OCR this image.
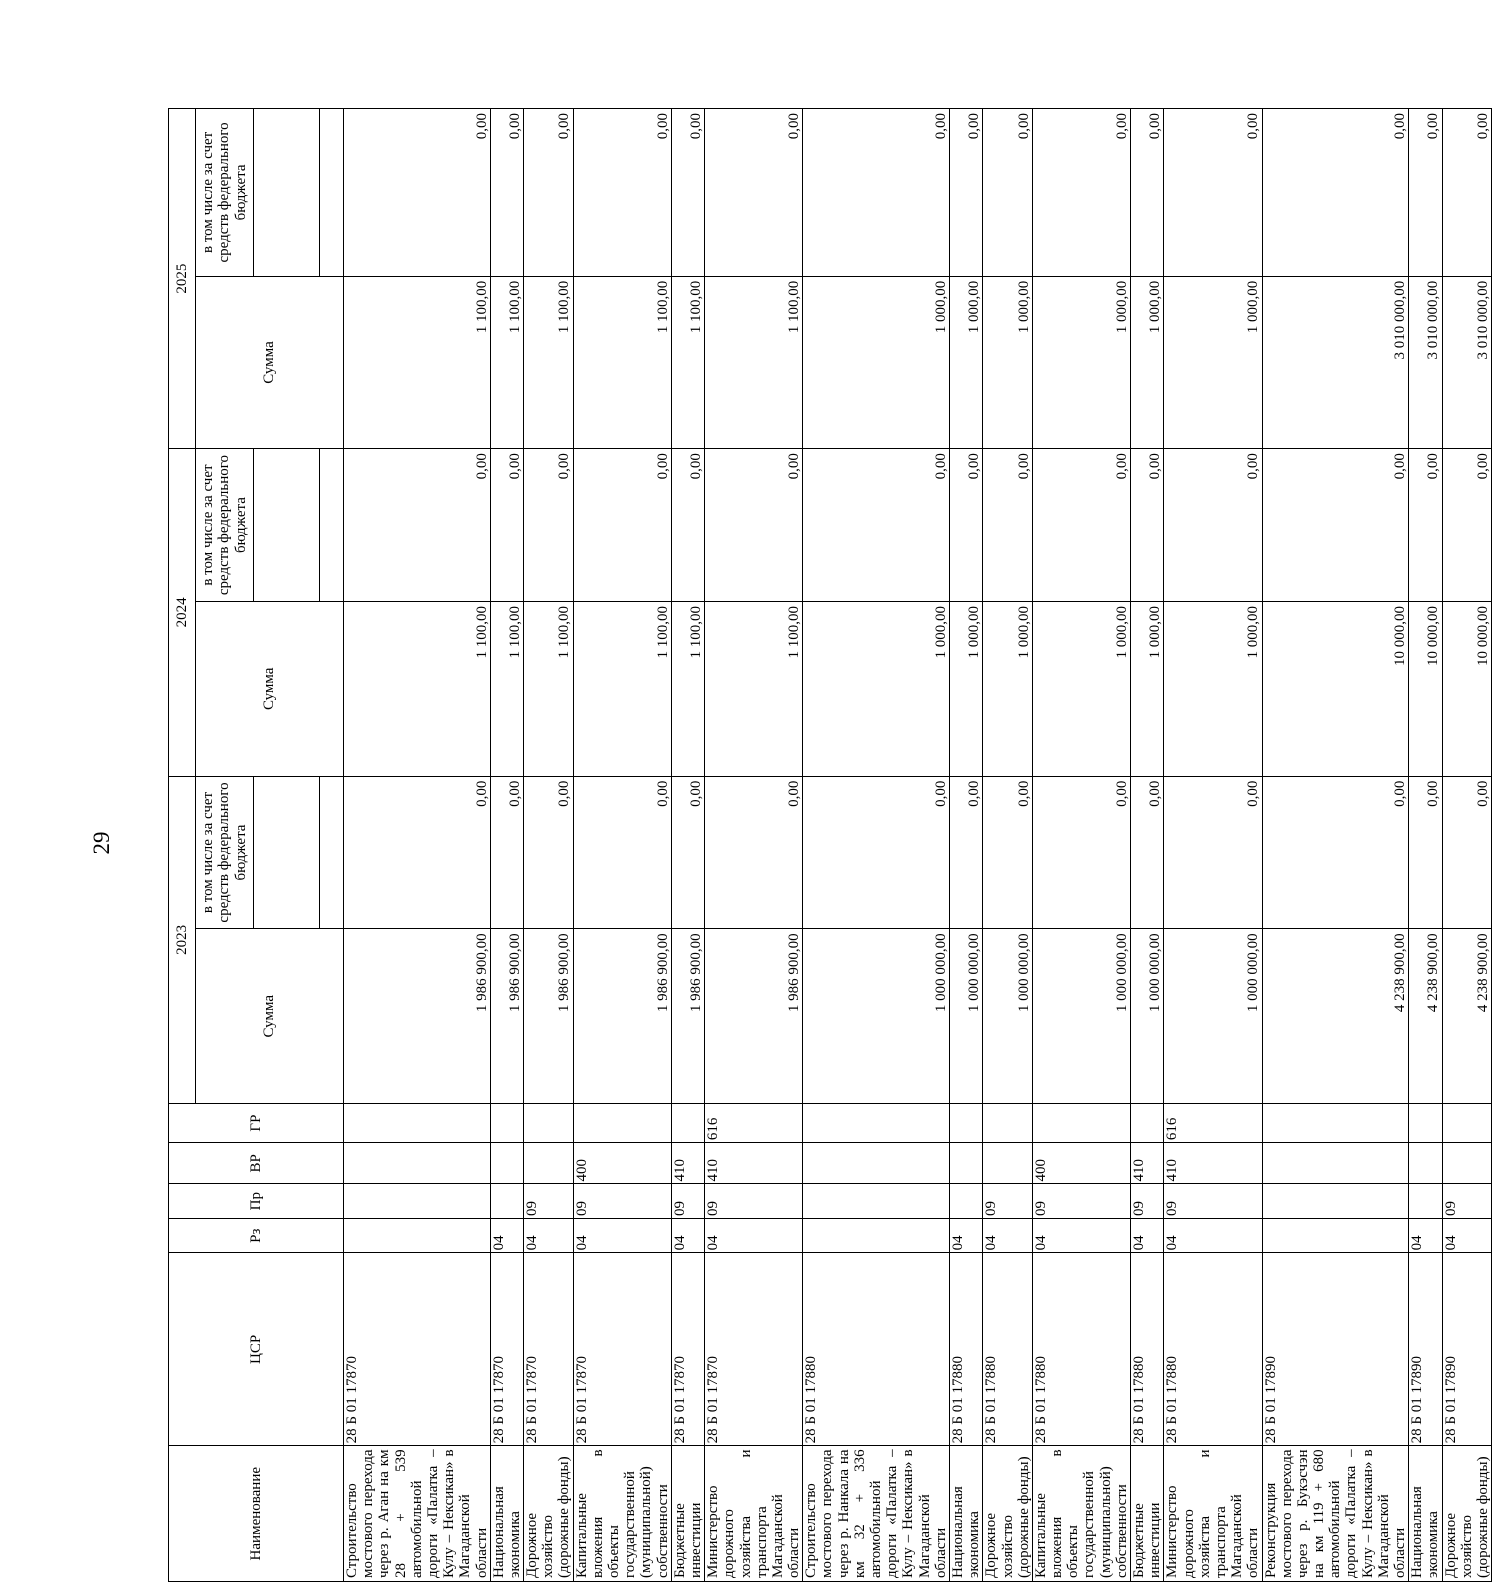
29
Наименование	ЦСР	Рз	Пр	ВР	ГР	2023		2024		2025	
						Сумма	в том числе за счет средств федерального бюджета	Сумма	в том числе за счет средств федерального бюджета	Сумма	в том числе за счет средств федерального бюджета

Строительство мостового перехода через р. Аган на км 28 + 539 автомобильной дороги «Палатка – Кулу – Нексикан» в Магаданской области	28 Б 01 17870					1 986 900,00	0,00	1 100,00	0,00	1 100,00	0,00
Национальная экономика	28 Б 01 17870	04				1 986 900,00	0,00	1 100,00	0,00	1 100,00	0,00
Дорожное хозяйство (дорожные фонды)	28 Б 01 17870	04	09			1 986 900,00	0,00	1 100,00	0,00	1 100,00	0,00
Капитальные вложения в объекты государственной (муниципальной) собственности	28 Б 01 17870	04	09	400		1 986 900,00	0,00	1 100,00	0,00	1 100,00	0,00
Бюджетные инвестиции	28 Б 01 17870	04	09	410		1 986 900,00	0,00	1 100,00	0,00	1 100,00	0,00
Министерство дорожного хозяйства и транспорта Магаданской области	28 Б 01 17870	04	09	410	616	1 986 900,00	0,00	1 100,00	0,00	1 100,00	0,00
Строительство мостового перехода через р. Нанкала на км 32 + 336 автомобильной дороги «Палатка – Кулу – Нексикан» в Магаданской области	28 Б 01 17880					1 000 000,00	0,00	1 000,00	0,00	1 000,00	0,00
Национальная экономика	28 Б 01 17880	04				1 000 000,00	0,00	1 000,00	0,00	1 000,00	0,00
Дорожное хозяйство (дорожные фонды)	28 Б 01 17880	04	09			1 000 000,00	0,00	1 000,00	0,00	1 000,00	0,00
Капитальные вложения в объекты государственной (муниципальной) собственности	28 Б 01 17880	04	09	400		1 000 000,00	0,00	1 000,00	0,00	1 000,00	0,00
Бюджетные инвестиции	28 Б 01 17880	04	09	410		1 000 000,00	0,00	1 000,00	0,00	1 000,00	0,00
Министерство дорожного хозяйства и транспорта Магаданской области	28 Б 01 17880	04	09	410	616	1 000 000,00	0,00	1 000,00	0,00	1 000,00	0,00
Реконструкция мостового перехода через р. Букэсчэн на км 119 + 680 автомобильной дороги «Палатка – Кулу – Нексикан» в Магаданской области	28 Б 01 17890					4 238 900,00	0,00	10 000,00	0,00	3 010 000,00	0,00
Национальная экономика	28 Б 01 17890	04				4 238 900,00	0,00	10 000,00	0,00	3 010 000,00	0,00
Дорожное хозяйство (дорожные фонды)	28 Б 01 17890	04	09			4 238 900,00	0,00	10 000,00	0,00	3 010 000,00	0,00
